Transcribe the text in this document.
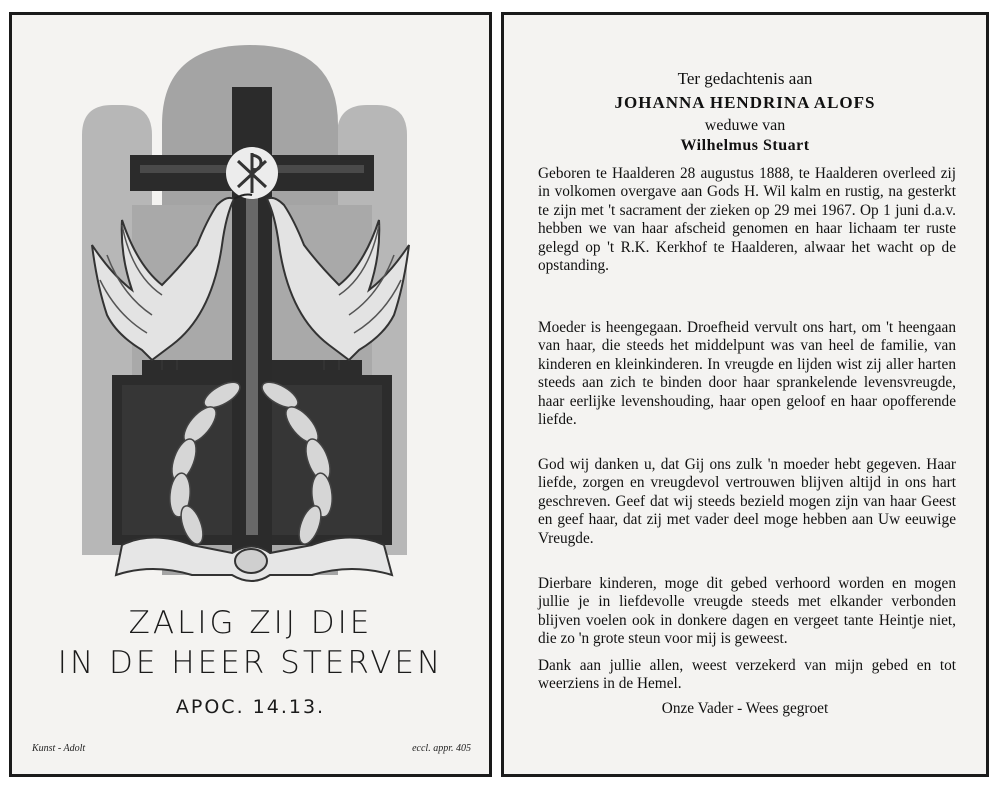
ZALIG ZIJ DIE
IN DE HEER STERVEN
APOC. 14.13.
Kunst - Adolt	eccl. appr. 405
Ter gedachtenis aan
JOHANNA HENDRINA ALOFS
weduwe van
Wilhelmus Stuart

Geboren te Haalderen 28 augustus 1888, te Haalderen overleed zij in volkomen overgave aan Gods H. Wil kalm en rustig, na gesterkt te zijn met 't sacrament der zieken op 29 mei 1967. Op 1 juni d.a.v. hebben we van haar afscheid genomen en haar lichaam ter ruste gelegd op 't R.K. Kerkhof te Haalderen, alwaar het wacht op de opstanding.

Moeder is heengegaan. Droefheid vervult ons hart, om 't heengaan van haar, die steeds het middelpunt was van heel de familie, van kinderen en kleinkinderen. In vreugde en lijden wist zij aller harten steeds aan zich te binden door haar sprankelende levensvreugde, haar eerlijke levenshouding, haar open geloof en haar opofferende liefde.

God wij danken u, dat Gij ons zulk 'n moeder hebt gegeven. Haar liefde, zorgen en vreugdevol vertrouwen blijven altijd in ons hart geschreven. Geef dat wij steeds bezield mogen zijn van haar Geest en geef haar, dat zij met vader deel moge hebben aan Uw eeuwige Vreugde.

Dierbare kinderen, moge dit gebed verhoord worden en mogen jullie je in liefdevolle vreugde steeds met elkander verbonden blijven voelen ook in donkere dagen en vergeet tante Heintje niet, die zo 'n grote steun voor mij is geweest.

Dank aan jullie allen, weest verzekerd van mijn gebed en tot weerziens in de Hemel.

Onze Vader - Wees gegroet
